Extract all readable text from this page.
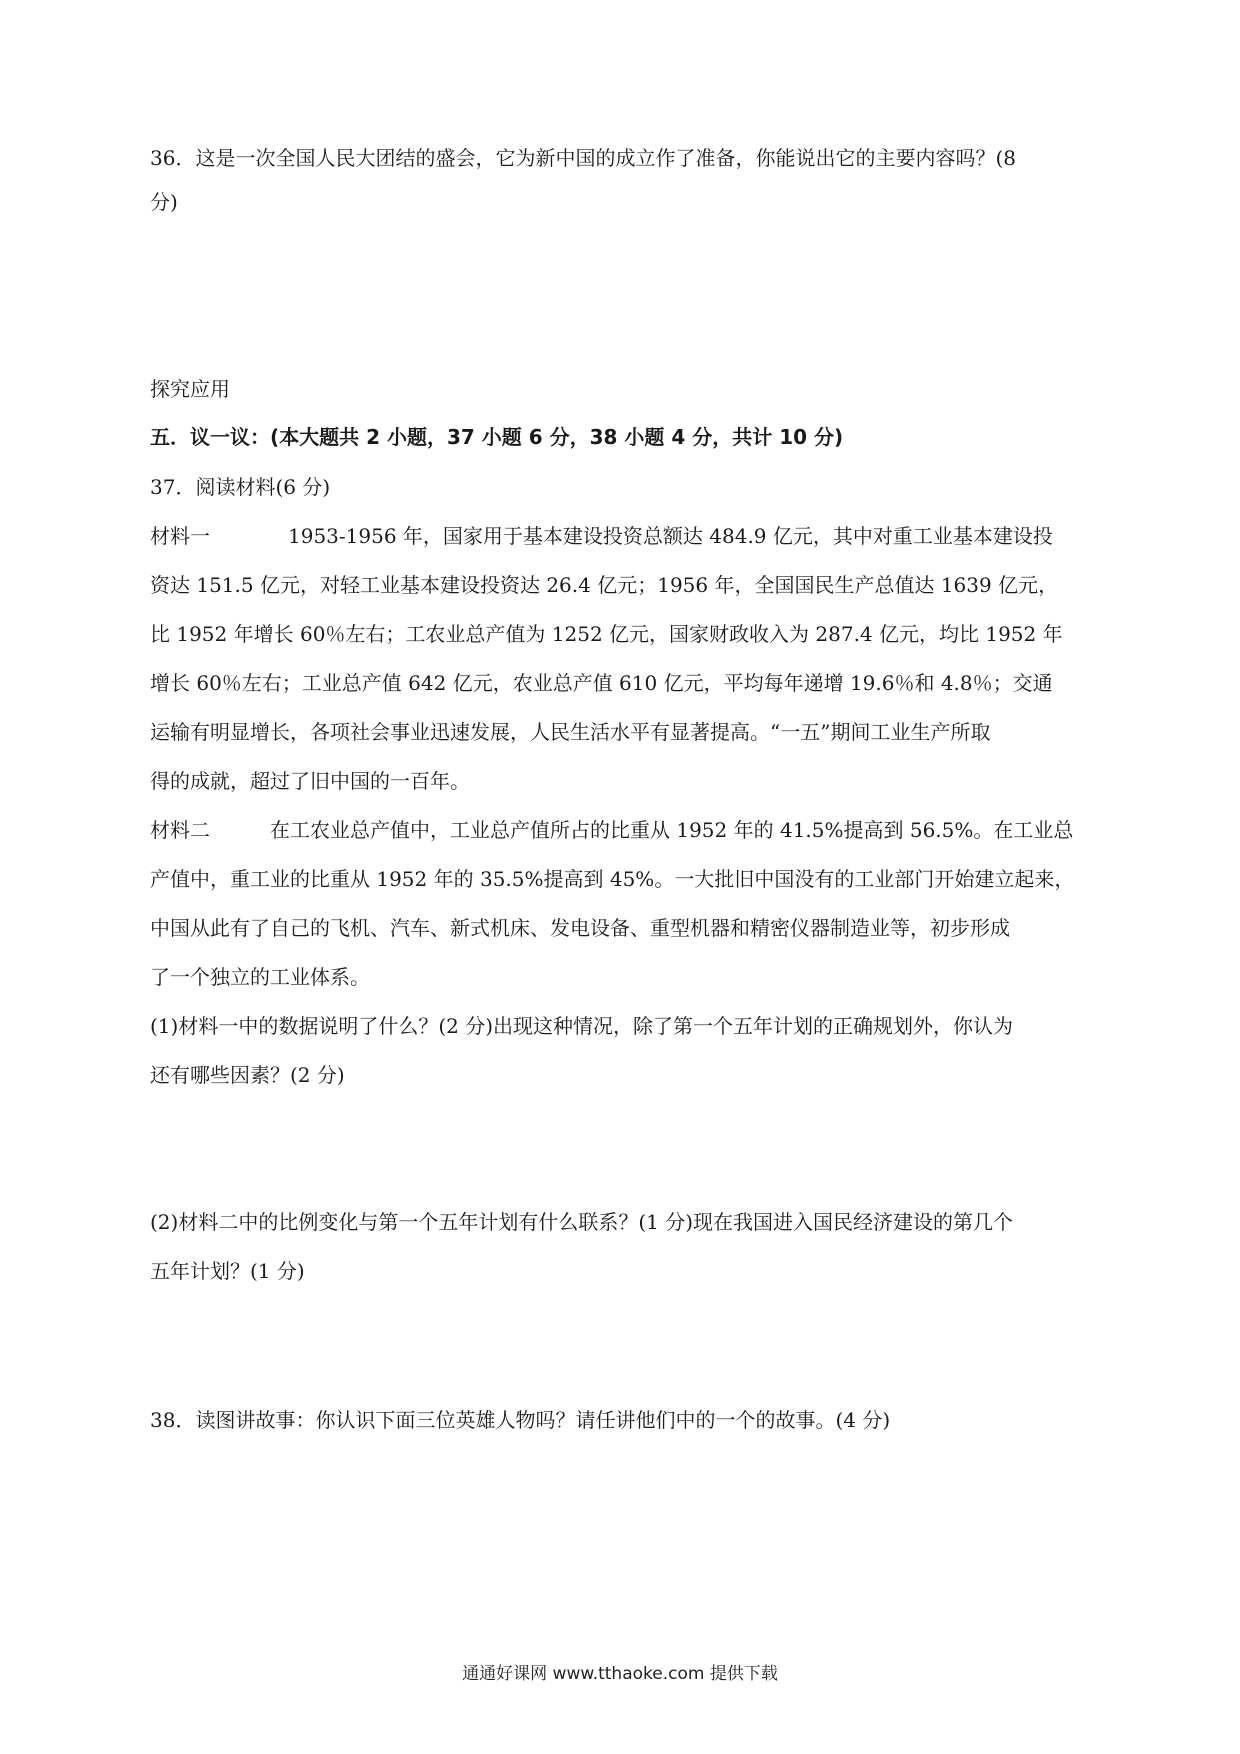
36．这是一次全国人民大团结的盛会，它为新中国的成立作了准备，你能说出它的主要内容吗？(8
分)
探究应用
五．议一议：(本大题共 2 小题，37 小题 6 分，38 小题 4 分，共计 10 分)
37．阅读材料(6 分)
材料一	1953-1956 年，国家用于基本建设投资总额达 484.9 亿元，其中对重工业基本建设投
资达 151.5 亿元，对轻工业基本建设投资达 26.4 亿元；1956 年，全国国民生产总值达 1639 亿元，
比 1952 年增长 60％左右；工农业总产值为 1252 亿元，国家财政收入为 287.4 亿元，均比 1952 年
增长 60％左右；工业总产值 642 亿元，农业总产值 610 亿元，平均每年递增 19.6％和 4.8％；交通
运输有明显增长，各项社会事业迅速发展，人民生活水平有显著提高。“一五”期间工业生产所取
得的成就，超过了旧中国的一百年。
材料二	在工农业总产值中，工业总产值所占的比重从 1952 年的 41.5%提高到 56.5%。在工业总
产值中，重工业的比重从 1952 年的 35.5%提高到 45%。一大批旧中国没有的工业部门开始建立起来，
中国从此有了自己的飞机、汽车、新式机床、发电设备、重型机器和精密仪器制造业等，初步形成
了一个独立的工业体系。
(1)材料一中的数据说明了什么？(2 分)出现这种情况，除了第一个五年计划的正确规划外，你认为
还有哪些因素？(2 分)
(2)材料二中的比例变化与第一个五年计划有什么联系？(1 分)现在我国进入国民经济建设的第几个
五年计划？(1 分)
38．读图讲故事：你认识下面三位英雄人物吗？请任讲他们中的一个的故事。(4 分)
通通好课网 www.tthaoke.com 提供下载
